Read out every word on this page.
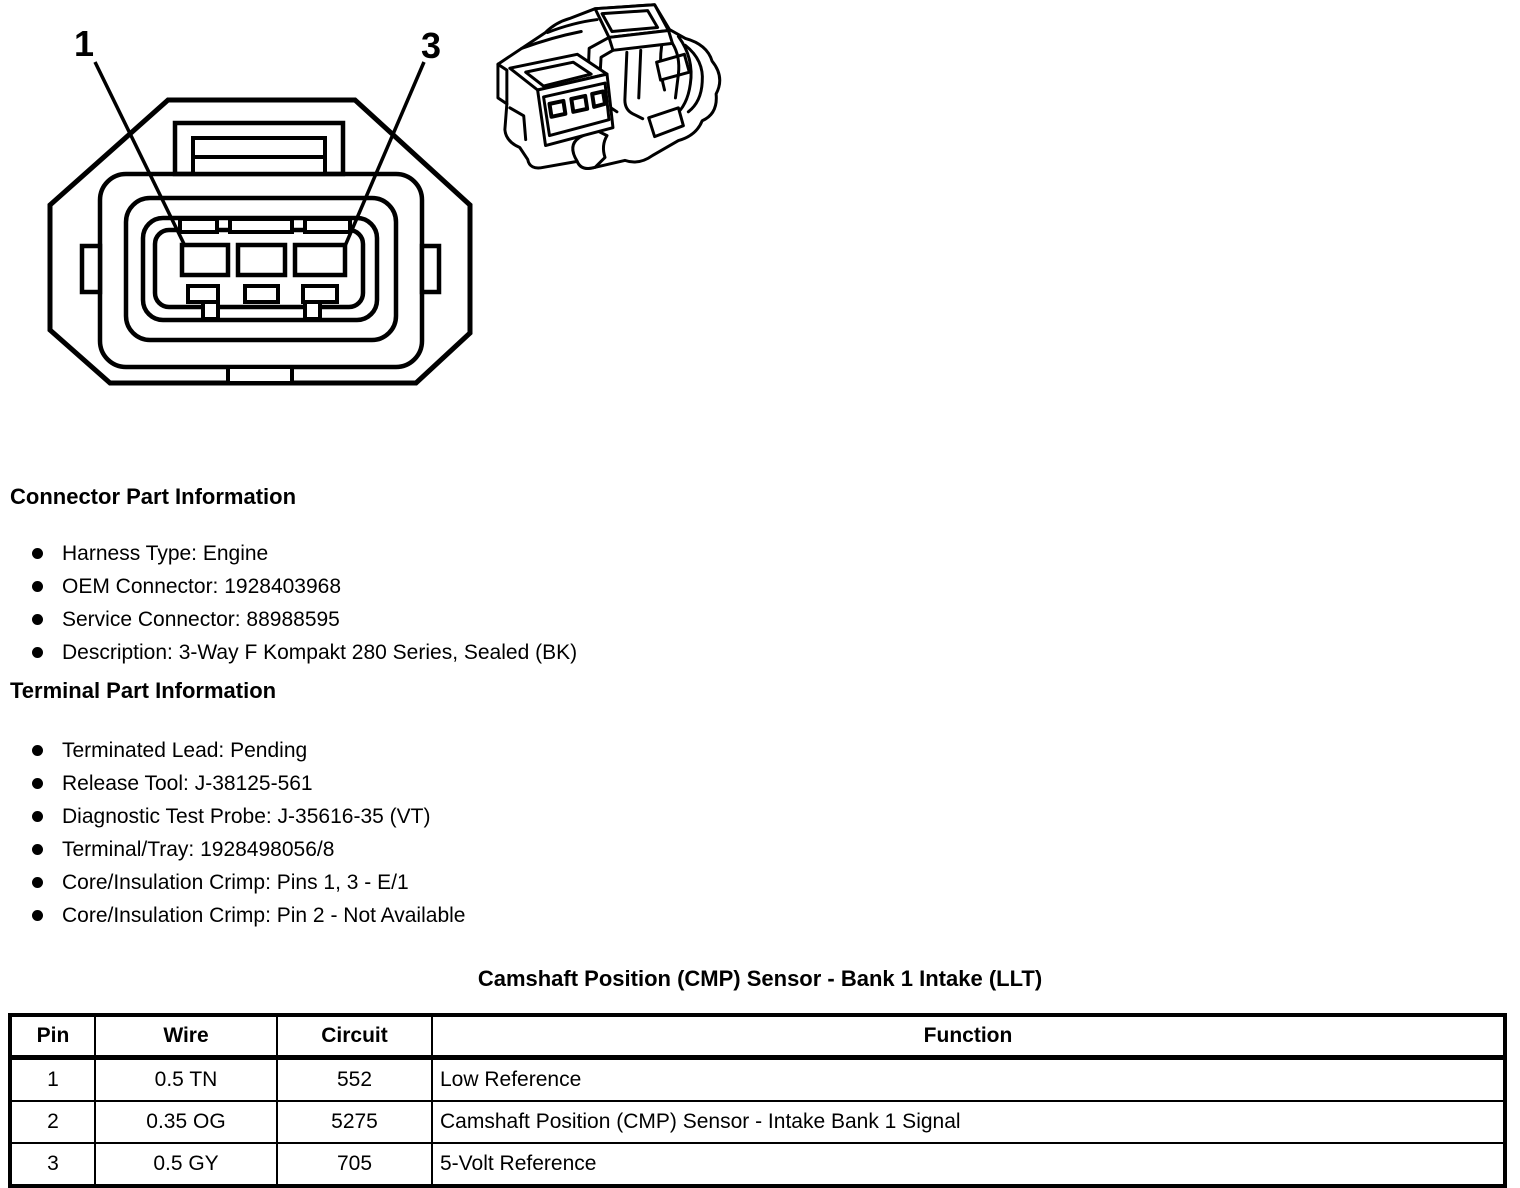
1	3
Connector Part Information
Harness Type: Engine
OEM Connector: 1928403968
Service Connector: 88988595
Description: 3-Way F Kompakt 280 Series, Sealed (BK)
Terminal Part Information
Terminated Lead: Pending
Release Tool: J-38125-561
Diagnostic Test Probe: J-35616-35 (VT)
Terminal/Tray: 1928498056/8
Core/Insulation Crimp: Pins 1, 3 - E/1
Core/Insulation Crimp: Pin 2 - Not Available
Camshaft Position (CMP) Sensor - Bank 1 Intake (LLT)
Pin	Wire	Circuit	Function
1	0.5 TN	552	Low Reference
2	0.35 OG	5275	Camshaft Position (CMP) Sensor - Intake Bank 1 Signal
3	0.5 GY	705	5-Volt Reference
